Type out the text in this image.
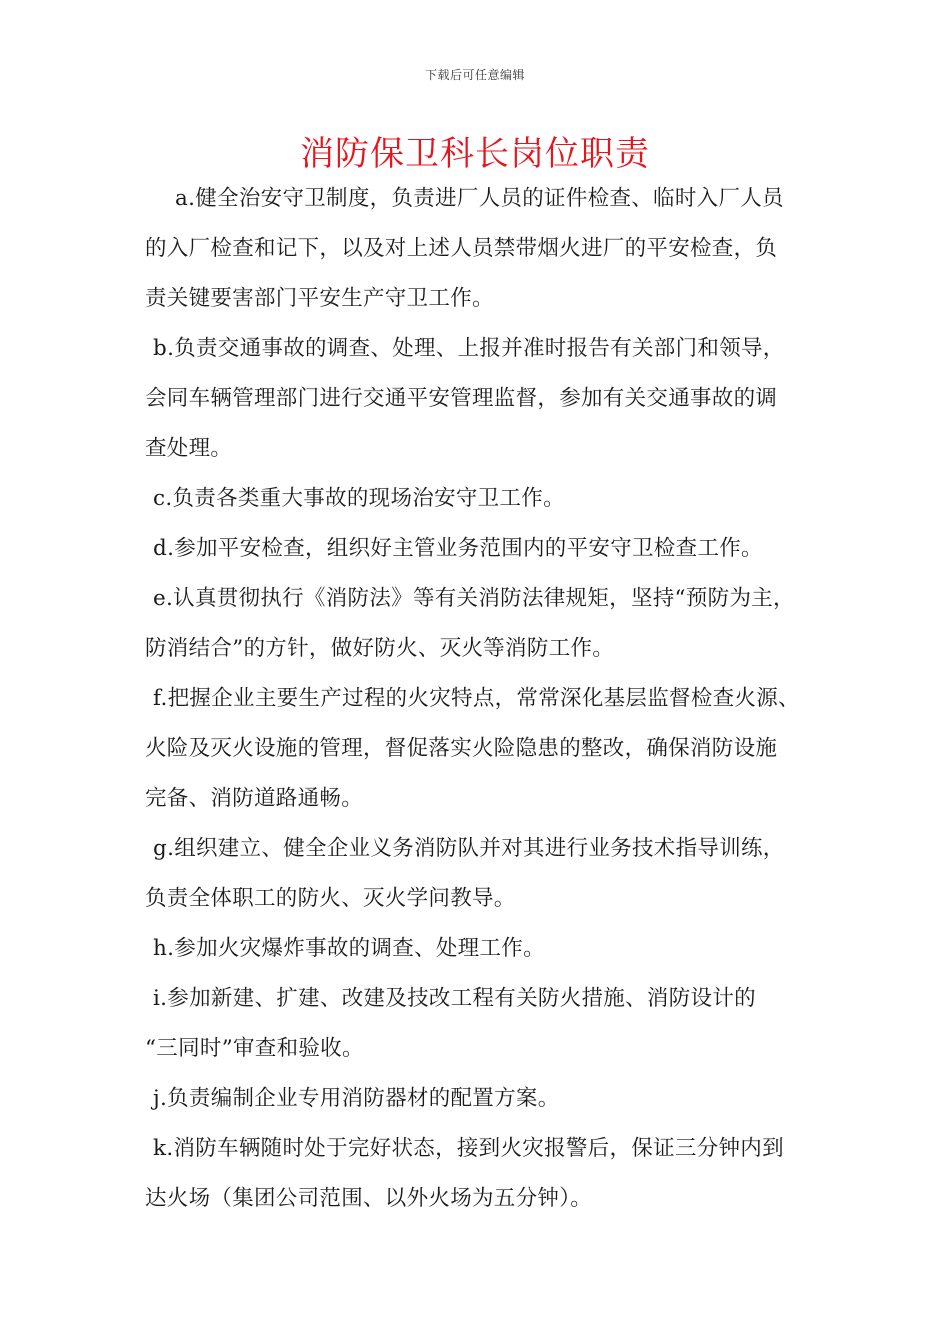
下载后可任意编辑
消防保卫科长岗位职责
a.健全治安守卫制度，负责进厂人员的证件检查、临时入厂人员
的入厂检查和记下，以及对上述人员禁带烟火进厂的平安检查，负
责关键要害部门平安生产守卫工作。
b.负责交通事故的调查、处理、上报并准时报告有关部门和领导，
会同车辆管理部门进行交通平安管理监督，参加有关交通事故的调
查处理。
c.负责各类重大事故的现场治安守卫工作。
d.参加平安检查，组织好主管业务范围内的平安守卫检查工作。
e.认真贯彻执行《消防法》等有关消防法律规矩，坚持“预防为主，
防消结合”的方针，做好防火、灭火等消防工作。
f.把握企业主要生产过程的火灾特点，常常深化基层监督检查火源、
火险及灭火设施的管理，督促落实火险隐患的整改，确保消防设施
完备、消防道路通畅。
g.组织建立、健全企业义务消防队并对其进行业务技术指导训练，
负责全体职工的防火、灭火学问教导。
h.参加火灾爆炸事故的调查、处理工作。
i.参加新建、扩建、改建及技改工程有关防火措施、消防设计的
“三同时”审查和验收。
j.负责编制企业专用消防器材的配置方案。
k.消防车辆随时处于完好状态，接到火灾报警后，保证三分钟内到
达火场（集团公司范围、以外火场为五分钟）。
